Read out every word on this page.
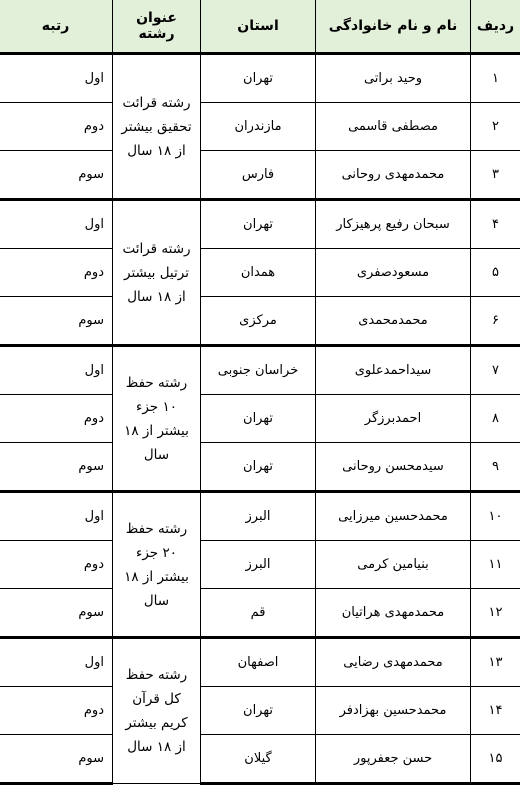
ردیف	نام و نام خانوادگی	استان	عنوان رشته	رتبه
۱	وحید براتی	تهران	رشته قرائت تحقیق بیشتر از ۱۸ سال	اول
۲	مصطفی قاسمی	مازندران		دوم
۳	محمدمهدی روحانی	فارس		سوم
۴	سبحان رفیع پرهیزکار	تهران	رشته قرائت ترتیل بیشتر از ۱۸ سال	اول
۵	مسعودصفری	همدان		دوم
۶	محمدمحمدی	مرکزی		سوم
۷	سیداحمدعلوی	خراسان جنوبی	رشته حفظ ۱۰ جزء بیشتر از ۱۸ سال	اول
۸	احمدبرزگر	تهران		دوم
۹	سیدمحسن روحانی	تهران		سوم
۱۰	محمدحسین میرزایی	البرز	رشته حفظ ۲۰ جزء بیشتر از ۱۸ سال	اول
۱۱	بنیامین کرمی	البرز		دوم
۱۲	محمدمهدی هراتیان	قم		سوم
۱۳	محمدمهدی رضایی	اصفهان	رشته حفظ کل قرآن کریم بیشتر از ۱۸ سال	اول
۱۴	محمدحسین بهزادفر	تهران		دوم
۱۵	حسن جعفرپور	گیلان		سوم
